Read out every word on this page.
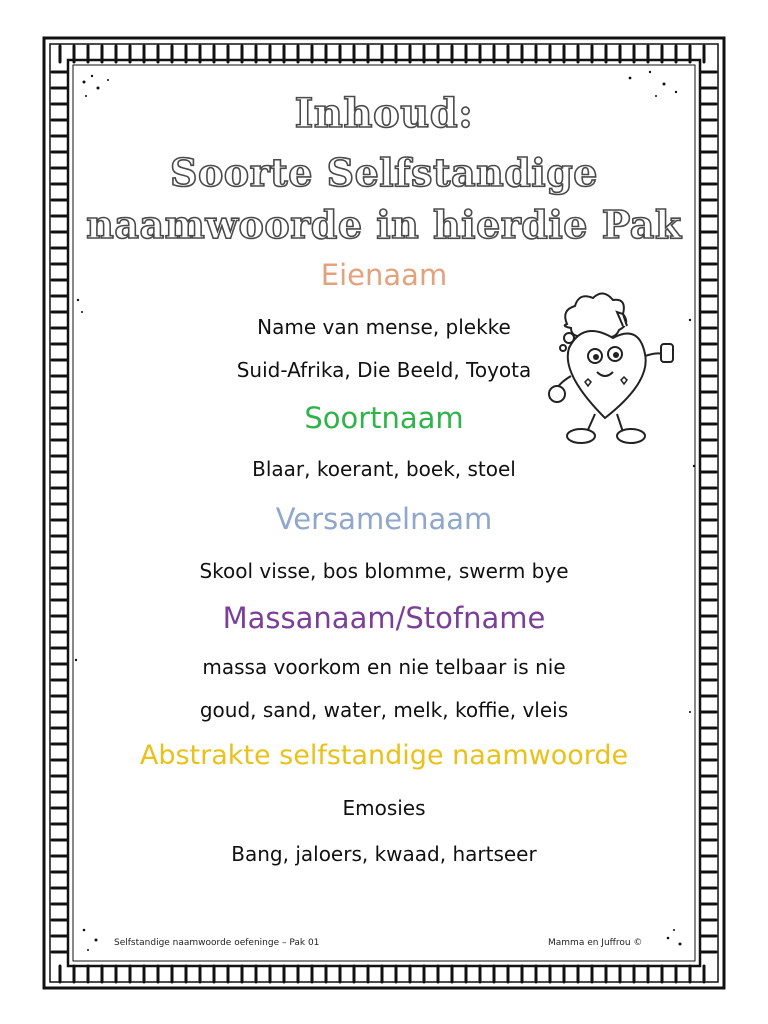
Inhoud:
Soorte Selfstandige
naamwoorde in hierdie Pak
Eienaam
Name van mense, plekke
Suid-Afrika, Die Beeld, Toyota
Soortnaam
Blaar, koerant, boek, stoel
Versamelnaam
Skool visse, bos blomme, swerm bye
Massanaam/Stofname
massa voorkom en nie telbaar is nie
goud, sand, water, melk, koffie, vleis
Abstrakte selfstandige naamwoorde
Emosies
Bang, jaloers, kwaad, hartseer
Selfstandige naamwoorde oefeninge – Pak 01	Mamma en Juffrou ©
